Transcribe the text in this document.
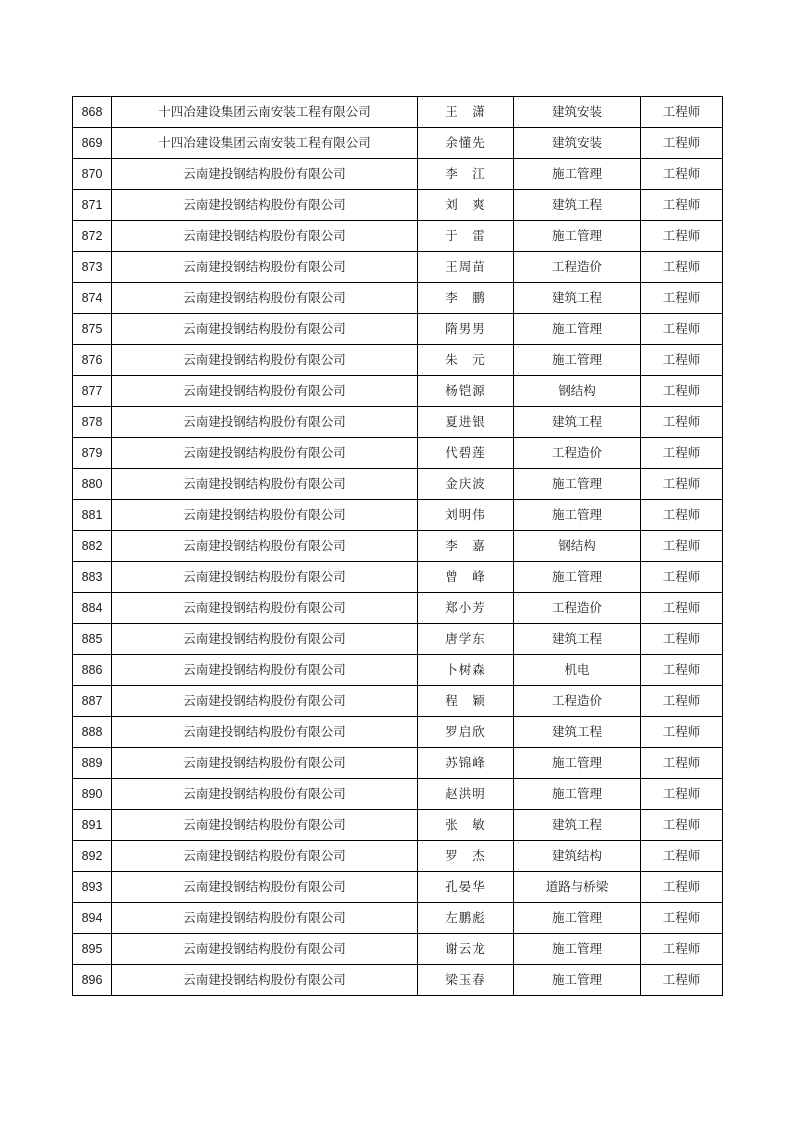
868	十四冶建设集团云南安装工程有限公司	王　潇	建筑安装	工程师
869	十四冶建设集团云南安装工程有限公司	余懂先	建筑安装	工程师
870	云南建投钢结构股份有限公司	李　江	施工管理	工程师
871	云南建投钢结构股份有限公司	刘　爽	建筑工程	工程师
872	云南建投钢结构股份有限公司	于　雷	施工管理	工程师
873	云南建投钢结构股份有限公司	王周苗	工程造价	工程师
874	云南建投钢结构股份有限公司	李　鹏	建筑工程	工程师
875	云南建投钢结构股份有限公司	隋男男	施工管理	工程师
876	云南建投钢结构股份有限公司	朱　元	施工管理	工程师
877	云南建投钢结构股份有限公司	杨铠源	钢结构	工程师
878	云南建投钢结构股份有限公司	夏进银	建筑工程	工程师
879	云南建投钢结构股份有限公司	代碧莲	工程造价	工程师
880	云南建投钢结构股份有限公司	金庆波	施工管理	工程师
881	云南建投钢结构股份有限公司	刘明伟	施工管理	工程师
882	云南建投钢结构股份有限公司	李　嘉	钢结构	工程师
883	云南建投钢结构股份有限公司	曾　峰	施工管理	工程师
884	云南建投钢结构股份有限公司	郑小芳	工程造价	工程师
885	云南建投钢结构股份有限公司	唐学东	建筑工程	工程师
886	云南建投钢结构股份有限公司	卜树森	机电	工程师
887	云南建投钢结构股份有限公司	程　颖	工程造价	工程师
888	云南建投钢结构股份有限公司	罗启欣	建筑工程	工程师
889	云南建投钢结构股份有限公司	苏锦峰	施工管理	工程师
890	云南建投钢结构股份有限公司	赵洪明	施工管理	工程师
891	云南建投钢结构股份有限公司	张　敏	建筑工程	工程师
892	云南建投钢结构股份有限公司	罗　杰	建筑结构	工程师
893	云南建投钢结构股份有限公司	孔晏华	道路与桥梁	工程师
894	云南建投钢结构股份有限公司	左鹏彪	施工管理	工程师
895	云南建投钢结构股份有限公司	谢云龙	施工管理	工程师
896	云南建投钢结构股份有限公司	梁玉春	施工管理	工程师
